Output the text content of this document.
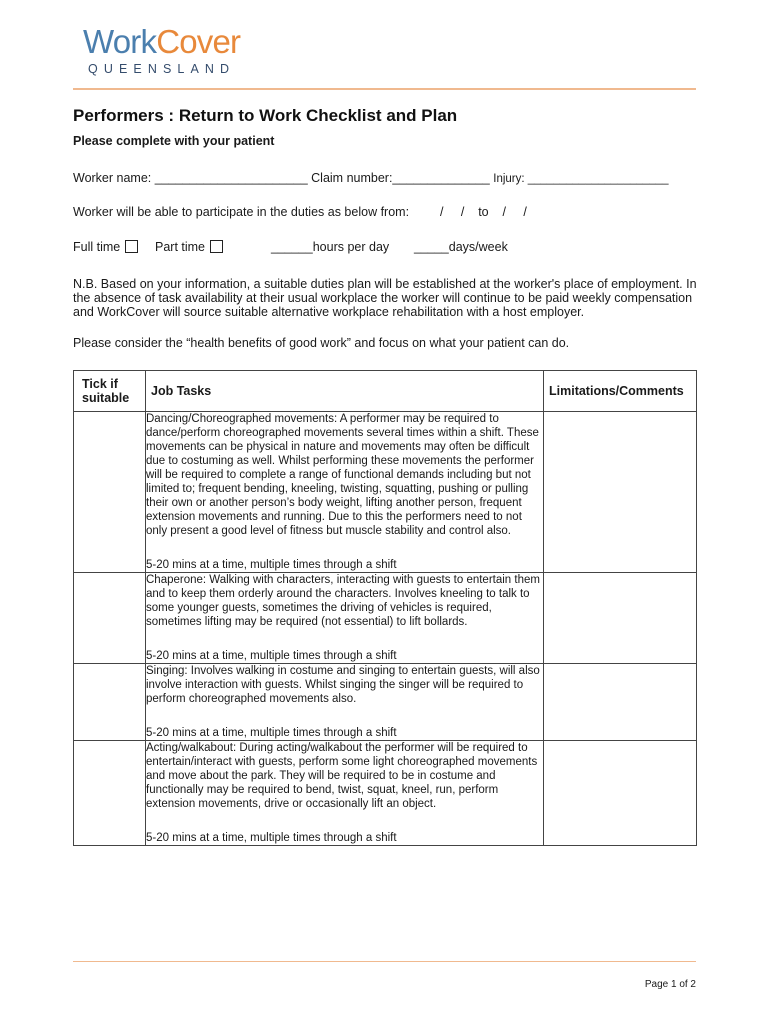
WorkCover
QUEENSLAND
Performers : Return to Work Checklist and Plan
Please complete with your patient
Worker name: ______________________ Claim number:______________ Injury: ______________________
Worker will be able to participate in the duties as below from: /     /    to    /     /
Full time	Part time	______hours per day _____days/week
N.B. Based on your information, a suitable duties plan will be established at the worker's place of employment. In the absence of task availability at their usual workplace the worker will continue to be paid weekly compensation and WorkCover will source suitable alternative workplace rehabilitation with a host employer.
Please consider the “health benefits of good work” and focus on what your patient can do.
Tick if suitable	Job Tasks	Limitations/Comments

	Dancing/Choreographed movements: A performer may be required to dance/perform choreographed movements several times within a shift. These movements can be physical in nature and movements may often be difficult due to costuming as well. Whilst performing these movements the performer will be required to complete a range of functional demands including but not limited to; frequent bending, kneeling, twisting, squatting, pushing or pulling their own or another person’s body weight, lifting another person, frequent extension movements and running. Due to this the performers need to not only present a good level of fitness but muscle stability and control also.
5-20 mins at a time, multiple times through a shift	

	Chaperone: Walking with characters, interacting with guests to entertain them and to keep them orderly around the characters. Involves kneeling to talk to some younger guests, sometimes the driving of vehicles is required, sometimes lifting may be required (not essential) to lift bollards.
5-20 mins at a time, multiple times through a shift	

	Singing: Involves walking in costume and singing to entertain guests, will also involve interaction with guests. Whilst singing the singer will be required to perform choreographed movements also.
5-20 mins at a time, multiple times through a shift	

	Acting/walkabout: During acting/walkabout the performer will be required to entertain/interact with guests, perform some light choreographed movements and move about the park. They will be required to be in costume and functionally may be required to bend, twist, squat, kneel, run, perform extension movements, drive or occasionally lift an object.
5-20 mins at a time, multiple times through a shift	

Page 1 of 2
